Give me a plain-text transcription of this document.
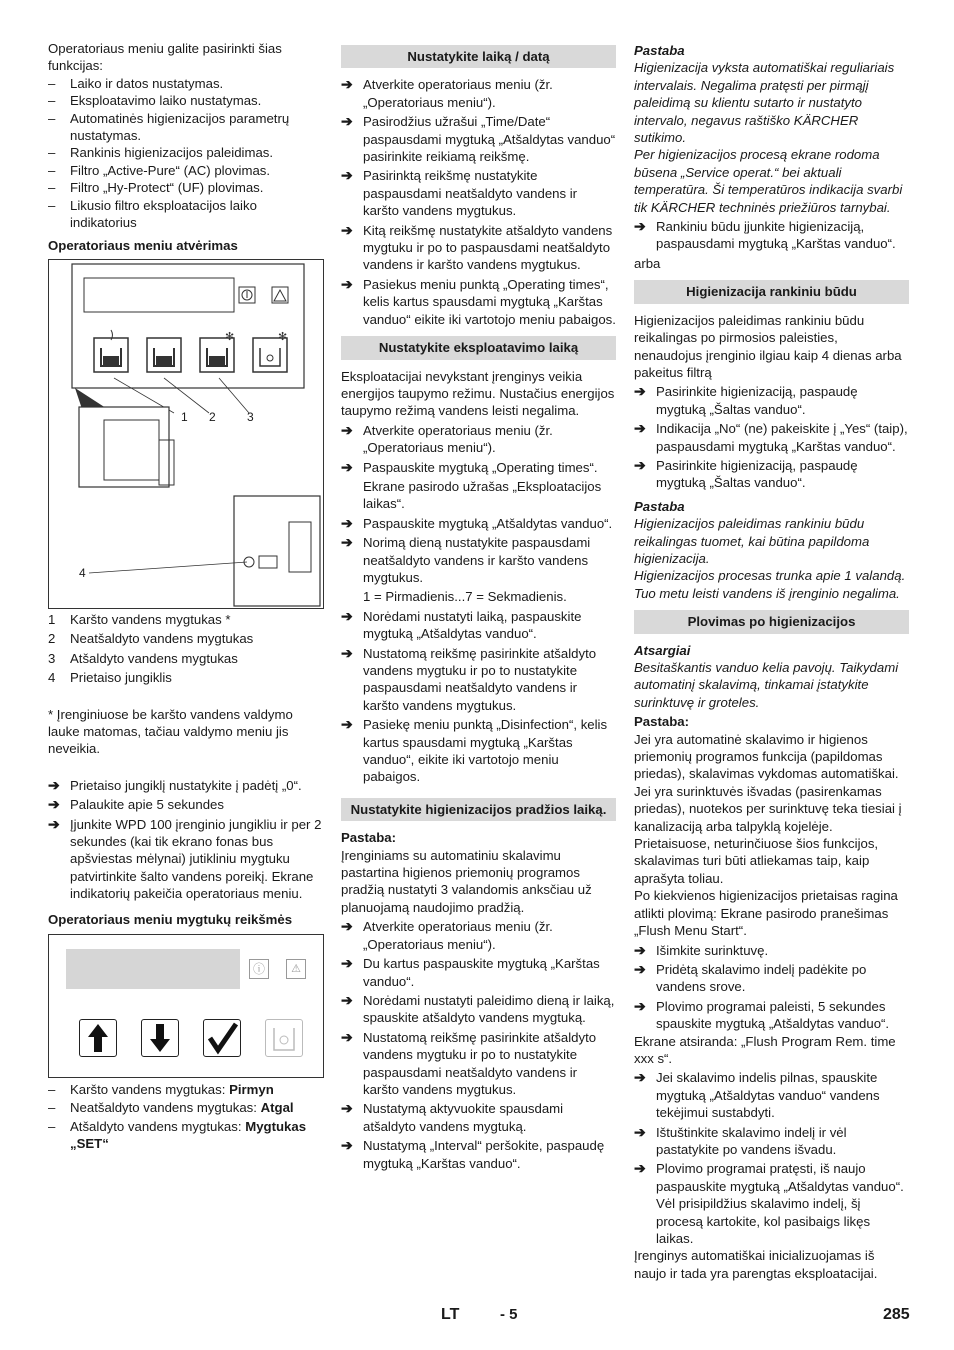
Operatoriaus meniu galite pasirinkti šias funkcijas:

–	Laiko ir datos nustatymas.
–	Eksploatavimo laiko nustatymas.
–	Automatinės higienizacijos parametrų nustatymas.
–	Rankinis higienizacijos paleidimas.
–	Filtro „Active-Pure“ (AC) plovimas.
–	Filtro „Hy-Protect“ (UF) plovimas.
–	Likusio filtro eksploatacijos laiko indikatorius
Operatoriaus meniu atvėrimas
✻	✻
1 2	3
4
1	Karšto vandens mygtukas *
2	Neatšaldyto vandens mygtukas
3	Atšaldyto vandens mygtukas
4	Prietaiso jungiklis

* Įrenginiuose be karšto vandens valdymo lauke matomas, tačiau valdymo meniu jis neveikia.

➔ Prietaiso jungiklį nustatykite į padėtį „0“.
➔ Palaukite apie 5 sekundes
➔ Įjunkite WPD 100 įrenginio jungikliu ir per 2 sekundes (kai tik ekrano fonas bus apšviestas mėlynai) jutikliniu mygtuku patvirtinkite šalto vandens poreikį. Ekrane indikatorių pakeičia operatoriaus meniu.
Operatoriaus meniu mygtukų reikšmės
ⓘ	⚠
–	Karšto vandens mygtukas: Pirmyn
–	Neatšaldyto vandens mygtukas: Atgal
–	Atšaldyto vandens mygtukas: Mygtukas „SET“
Nustatykite laiką / datą
➔ Atverkite operatoriaus meniu (žr. „Operatoriaus meniu“).
➔ Pasirodžius užrašui „Time/Date“ paspausdami mygtuką „Atšaldytas vanduo“ pasirinkite reikiamą reikšmę.
➔ Pasirinktą reikšmę nustatykite paspausdami neatšaldyto vandens ir karšto vandens mygtukus.
➔ Kitą reikšmę nustatykite atšaldyto vandens mygtuku ir po to paspausdami neatšaldyto vandens ir karšto vandens mygtukus.
➔ Pasiekus meniu punktą „Operating times“, kelis kartus spausdami mygtuką „Karštas vanduo“ eikite iki vartotojo meniu pabaigos.
Nustatykite eksploatavimo laiką

Eksploatacijai nevykstant įrenginys veikia energijos taupymo režimu. Nustačius energijos taupymo režimą vandens leisti negalima.

➔ Atverkite operatoriaus meniu (žr. „Operatoriaus meniu“).
➔ Paspauskite mygtuką „Operating times“.

Ekrane pasirodo užrašas „Eksploatacijos laikas“.
➔ Paspauskite mygtuką „Atšaldytas vanduo“.
➔ Norimą dieną nustatykite paspausdami neatšaldyto vandens ir karšto vandens mygtukus.

1 = Pirmadienis...7 = Sekmadienis.
➔ Norėdami nustatyti laiką, paspauskite mygtuką „Atšaldytas vanduo“.
➔ Nustatomą reikšmę pasirinkite atšaldyto vandens mygtuku ir po to nustatykite paspausdami neatšaldyto vandens ir karšto vandens mygtukus.
➔ Pasiekę meniu punktą „Disinfection“, kelis kartus spausdami mygtuką „Karštas vanduo“, eikite iki vartotojo meniu pabaigos.
Nustatykite higienizacijos pradžios laiką.

Pastaba:

Įrenginiams su automatiniu skalavimu pastartina higienos priemonių programos pradžią nustatyti 3 valandomis anksčiau už planuojamą naudojimo pradžią.

➔ Atverkite operatoriaus meniu (žr. „Operatoriaus meniu“).
➔ Du kartus paspauskite mygtuką „Karštas vanduo“.
➔ Norėdami nustatyti paleidimo dieną ir laiką, spauskite atšaldyto vandens mygtuką.
➔ Nustatomą reikšmę pasirinkite atšaldyto vandens mygtuku ir po to nustatykite paspausdami neatšaldyto vandens ir karšto vandens mygtukus.
➔ Nustatymą aktyvuokite spausdami atšaldyto vandens mygtuką.
➔ Nustatymą „Interval“ peršokite, paspaudę mygtuką „Karštas vanduo“.

Pastaba

Higienizacija vyksta automatiškai reguliariais intervalais. Negalima pratęsti per pirmąjį paleidimą su klientu sutarto ir nustatyto intervalo, negavus raštiško KÄRCHER sutikimo.

Per higienizacijos procesą ekrane rodoma būsena „Service operat.“ bei aktuali temperatūra. Ši temperatūros indikacija svarbi tik KÄRCHER techninės priežiūros tarnybai.

➔ Rankiniu būdu įjunkite higienizaciją, paspausdami mygtuką „Karštas vanduo“.

arba

Higienizacija rankiniu būdu

Higienizacijos paleidimas rankiniu būdu reikalingas po pirmosios paleisties, nenaudojus įrenginio ilgiau kaip 4 dienas arba pakeitus filtrą

➔ Pasirinkite higienizaciją, paspaudę mygtuką „Šaltas vanduo“.
➔ Indikacija „No“ (ne) pakeiskite į „Yes“ (taip), paspausdami mygtuką „Karštas vanduo“.
➔ Pasirinkite higienizaciją, paspaudę mygtuką „Šaltas vanduo“.

Pastaba

Higienizacijos paleidimas rankiniu būdu reikalingas tuomet, kai būtina papildoma higienizacija.

Higienizacijos procesas trunka apie 1 valandą. Tuo metu leisti vandens iš įrenginio negalima.

Plovimas po higienizacijos

Atsargiai

Besitaškantis vanduo kelia pavojų. Taikydami automatinį skalavimą, tinkamai įstatykite surinktuvę ir groteles.

Pastaba:

Jei yra automatinė skalavimo ir higienos priemonių programos funkcija (papildomas priedas), skalavimas vykdomas automatiškai. Jei yra surinktuvės išvadas (pasirenkamas priedas), nuotekos per surinktuvę teka tiesiai į kanalizaciją arba talpyklą kojelėje. Prietaisuose, neturinčiuose šios funkcijos, skalavimas turi būti atliekamas taip, kaip aprašyta toliau.

Po kiekvienos higienizacijos prietaisas ragina atlikti plovimą: Ekrane pasirodo pranešimas „Flush Menu Start“.

➔ Išimkite surinktuvę.
➔ Pridėtą skalavimo indelį padėkite po vandens srove.
➔ Plovimo programai paleisti, 5 sekundes spauskite mygtuką „Atšaldytas vanduo“.

Ekrane atsiranda: „Flush Program Rem. time xxx s“.

➔ Jei skalavimo indelis pilnas, spauskite mygtuką „Atšaldytas vanduo“ vandens tekėjimui sustabdyti.
➔ Ištuštinkite skalavimo indelį ir vėl pastatykite po vandens išvadu.
➔ Plovimo programai pratęsti, iš naujo paspauskite mygtuką „Atšaldytas vanduo“.
Vėl prisipildžius skalavimo indelį, šį procesą kartokite, kol pasibaigs likęs laikas.

Įrenginys automatiškai inicializuojamas iš naujo ir tada yra parengtas eksploatacijai.

LT	- 5	285
